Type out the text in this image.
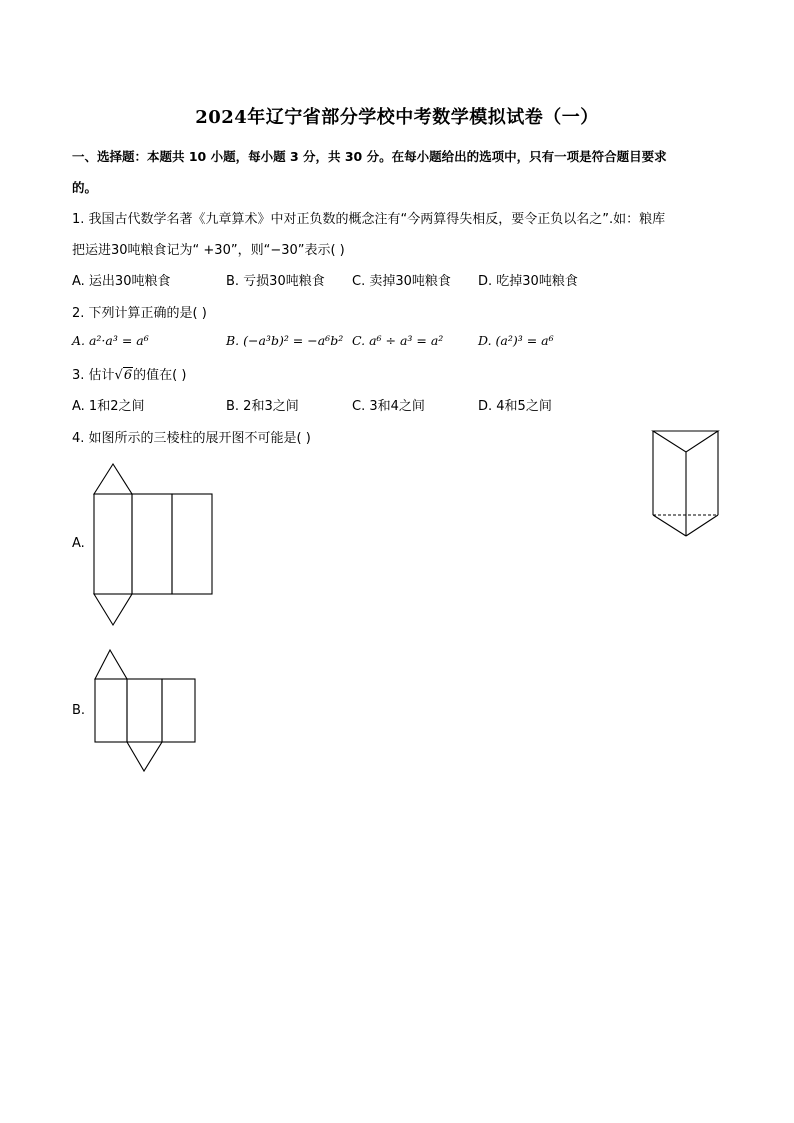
2024年辽宁省部分学校中考数学模拟试卷（一）
一、选择题：本题共 10 小题，每小题 3 分，共 30 分。在每小题给出的选项中，只有一项是符合题目要求
的。
1. 我国古代数学名著《九章算术》中对正负数的概念注有“今两算得失相反，要令正负以名之”.如：粮库
把运进30吨粮食记为“ +30”，则“−30”表示( )
A. 运出30吨粮食	B. 亏损30吨粮食 C. 卖掉30吨粮食 D. 吃掉30吨粮食
2. 下列计算正确的是( )
A. a²·a³ = a⁶	B. (−a³b)² = −a⁶b² C. a⁶ ÷ a³ = a²	D. (a²)³ = a⁶
3. 估计√6的值在( )
A. 1和2之间	B. 2和3之间	C. 3和4之间	D. 4和5之间
4. 如图所示的三棱柱的展开图不可能是( )
A.
B.
